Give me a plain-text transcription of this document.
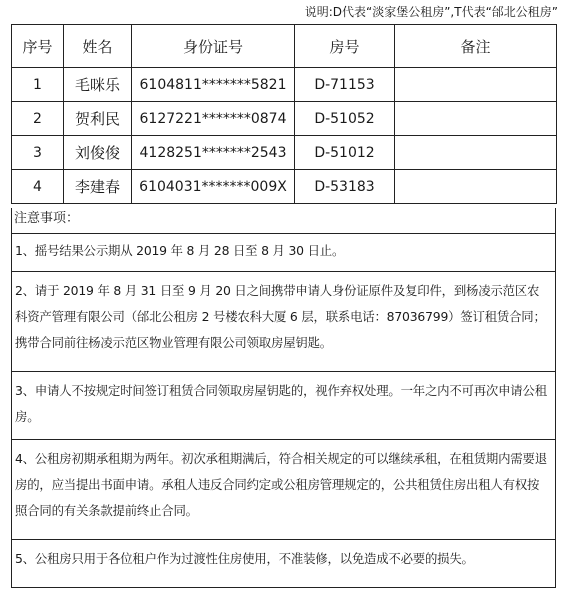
说明:D代表“淡家堡公租房”,T代表“邰北公租房”
序号	姓名	身份证号	房号	备注
1	毛咪乐	6104811*******5821	D-71153	
2	贺利民	6127221*******0874	D-51052	
3	刘俊俊	4128251*******2543	D-51012	
4	李建春	6104031*******009X	D-53183	
注意事项：
1、摇号结果公示期从 2019 年 8 月 28 日至 8 月 30 日止。
2、请于 2019 年 8 月 31 日至 9 月 20 日之间携带申请人身份证原件及复印件，到杨凌示范区农科资产管理有限公司（邰北公租房 2 号楼农科大厦 6 层，联系电话：87036799）签订租赁合同；携带合同前往杨凌示范区物业管理有限公司领取房屋钥匙。
3、申请人不按规定时间签订租赁合同领取房屋钥匙的，视作弃权处理。一年之内不可再次申请公租房。
4、公租房初期承租期为两年。初次承租期满后，符合相关规定的可以继续承租，在租赁期内需要退房的，应当提出书面申请。承租人违反合同约定或公租房管理规定的，公共租赁住房出租人有权按照合同的有关条款提前终止合同。
5、公租房只用于各位租户作为过渡性住房使用，不准装修，以免造成不必要的损失。
